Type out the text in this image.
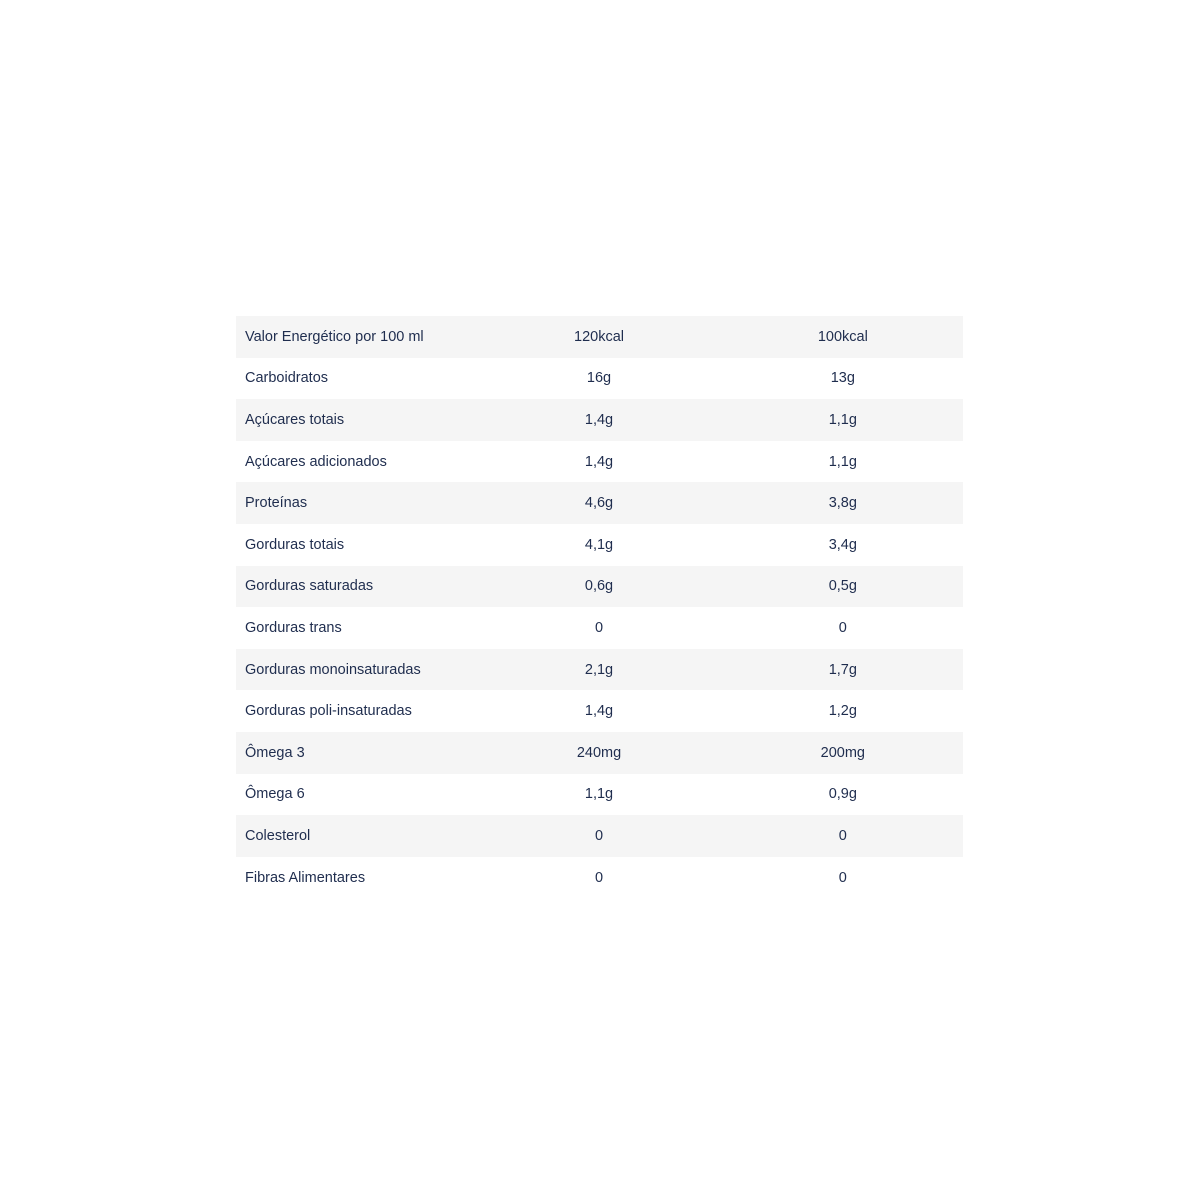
Valor Energético por 100 ml	120kcal	100kcal
Carboidratos	16g	13g
Açúcares totais	1,4g	1,1g
Açúcares adicionados	1,4g	1,1g
Proteínas	4,6g	3,8g
Gorduras totais	4,1g	3,4g
Gorduras saturadas	0,6g	0,5g
Gorduras trans	0	0
Gorduras monoinsaturadas	2,1g	1,7g
Gorduras poli-insaturadas	1,4g	1,2g
Ômega 3	240mg	200mg
Ômega 6	1,1g	0,9g
Colesterol	0	0
Fibras Alimentares	0	0
